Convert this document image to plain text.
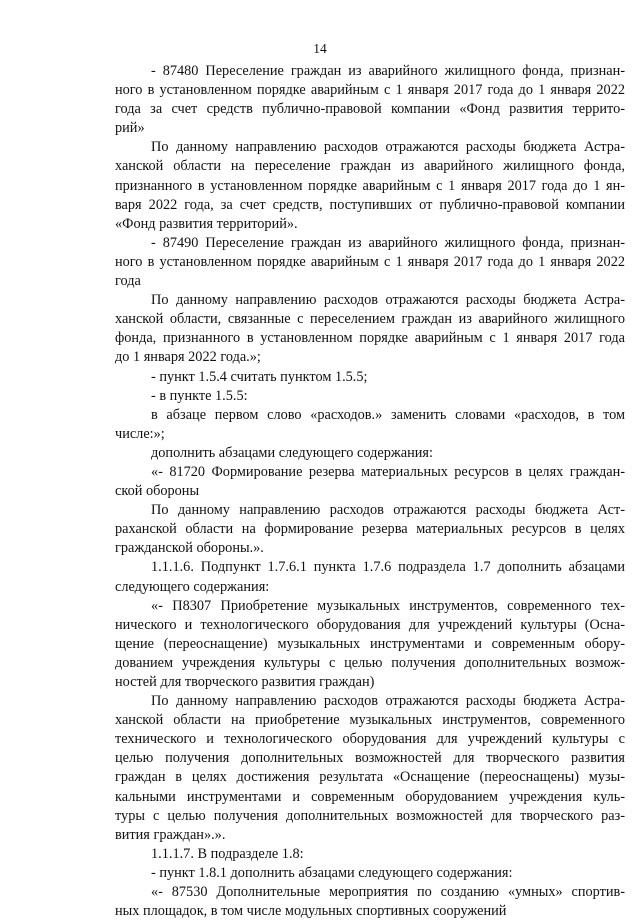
14
- 87480 Переселение граждан из аварийного жилищного фонда, признан-
ного в установленном порядке аварийным с 1 января 2017 года до 1 января 2022
года за счет средств публично-правовой компании «Фонд развития террито-
рий»
По данному направлению расходов отражаются расходы бюджета Астра-
ханской области на переселение граждан из аварийного жилищного фонда,
признанного в установленном порядке аварийным с 1 января 2017 года до 1 ян-
варя 2022 года, за счет средств, поступивших от публично-правовой компании
«Фонд развития территорий».
- 87490 Переселение граждан из аварийного жилищного фонда, признан-
ного в установленном порядке аварийным с 1 января 2017 года до 1 января 2022
года
По данному направлению расходов отражаются расходы бюджета Астра-
ханской области, связанные с переселением граждан из аварийного жилищного
фонда, признанного в установленном порядке аварийным с 1 января 2017 года
до 1 января 2022 года.»;
- пункт 1.5.4 считать пунктом 1.5.5;
- в пункте 1.5.5:
в абзаце первом слово «расходов.» заменить словами «расходов, в том
числе:»;
дополнить абзацами следующего содержания:
«- 81720 Формирование резерва материальных ресурсов в целях граждан-
ской обороны
По данному направлению расходов отражаются расходы бюджета Аст-
раханской области на формирование резерва материальных ресурсов в целях
гражданской обороны.».
1.1.1.6. Подпункт 1.7.6.1 пункта 1.7.6 подраздела 1.7 дополнить абзацами
следующего содержания:
«- П8307 Приобретение музыкальных инструментов, современного тех-
нического и технологического оборудования для учреждений культуры (Осна-
щение (переоснащение) музыкальных инструментами и современным обору-
дованием учреждения культуры с целью получения дополнительных возмож-
ностей для творческого развития граждан)
По данному направлению расходов отражаются расходы бюджета Астра-
ханской области на приобретение музыкальных инструментов, современного
технического и технологического оборудования для учреждений культуры с
целью получения дополнительных возможностей для творческого развития
граждан в целях достижения результата «Оснащение (переоснащены) музы-
кальными инструментами и современным оборудованием учреждения куль-
туры с целью получения дополнительных возможностей для творческого раз-
вития граждан».».
1.1.1.7. В подразделе 1.8:
- пункт 1.8.1 дополнить абзацами следующего содержания:
«- 87530 Дополнительные мероприятия по созданию «умных» спортив-
ных площадок, в том числе модульных спортивных сооружений
